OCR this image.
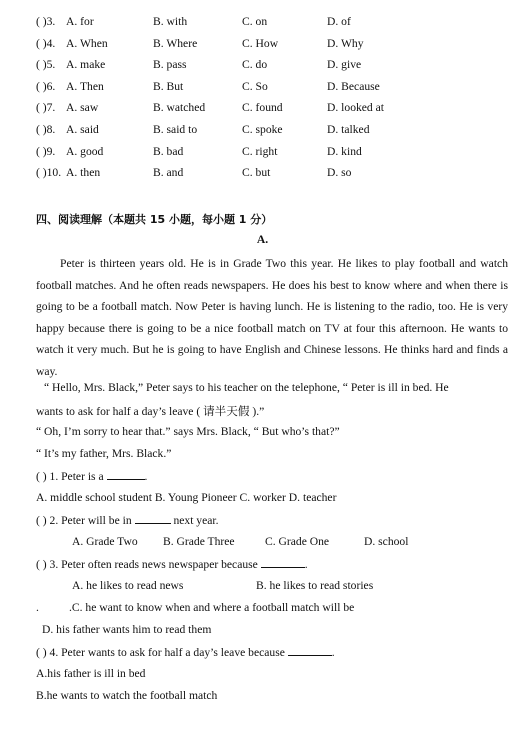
( )3. A. for	B. with	C. on	D. of
( )4. A. When	B. Where	C. How	D. Why
( )5. A. make	B. pass	C. do	D. give
( )6. A. Then	B. But	C. So	D. Because
( )7. A. saw	B. watched	C. found	D. looked at
( )8. A. said	B. said to	C. spoke	D. talked
( )9. A. good	B. bad	C. right	D. kind
( )10. A. then	B. and	C. but	D. so
四、阅读理解（本题共 15 小题，每小题 1 分）
A.
Peter is thirteen years old. He is in Grade Two this year. He likes to play football and watch football matches. And he often reads newspapers. He does his best to know where and when there is going to be a football match. Now Peter is having lunch. He is listening to the radio, too. He is very happy because there is going to be a nice football match on TV at four this afternoon. He wants to watch it very much. But he is going to have English and Chinese lessons. He thinks hard and finds a way.
“ Hello, Mrs. Black,” Peter says to his teacher on the telephone, “ Peter is ill in bed. He
wants to ask for half a day’s leave ( 请半天假 ).”
“ Oh, I’m sorry to hear that.” says Mrs. Black, “ But who’s that?”
“ It’s my father, Mrs. Black.”
( ) 1. Peter is a	.
A. middle school student B. Young Pioneer C. worker D. teacher
( ) 2. Peter will be in	next year.
A. Grade Two B. Grade Three	C. Grade One	D. school
( ) 3. Peter often reads news newspaper because	.
A. he likes to read news	B. he likes to read stories
.	.C. he want to know when and where a football match will be
D. his father wants him to read them
( ) 4. Peter wants to ask for half a day’s leave because	.
A.his father is ill in bed
B.he wants to watch the football match
